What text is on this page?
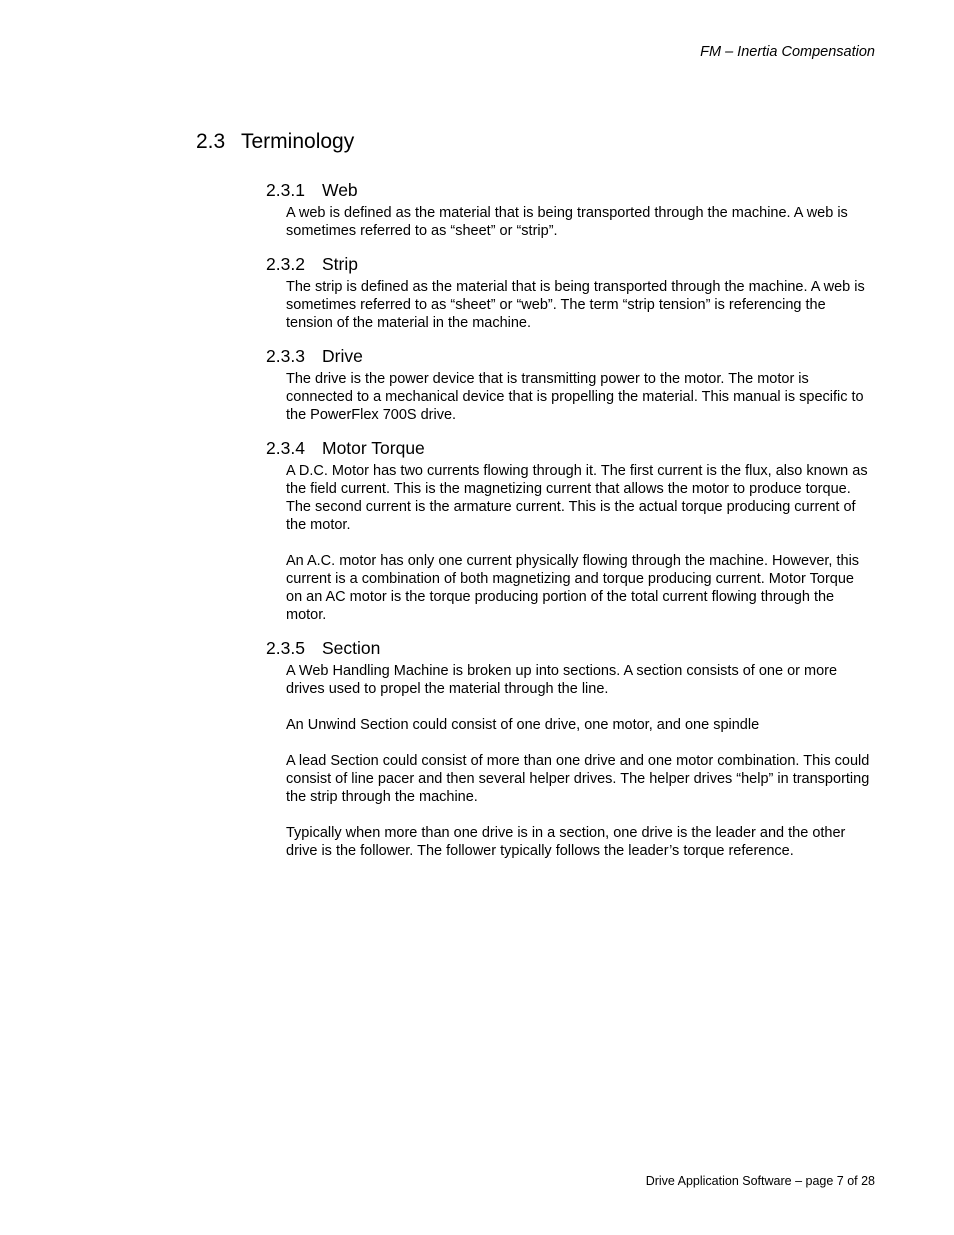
FM – Inertia Compensation

2.3 Terminology
2.3.1 Web

A web is defined as the material that is being transported through the machine. A web is sometimes referred to as “sheet” or “strip”.

2.3.2 Strip

The strip is defined as the material that is being transported through the machine. A web is sometimes referred to as “sheet” or “web”. The term “strip tension” is referencing the tension of the material in the machine.

2.3.3 Drive

The drive is the power device that is transmitting power to the motor. The motor is connected to a mechanical device that is propelling the material. This manual is specific to the PowerFlex 700S drive.

2.3.4 Motor Torque

A D.C. Motor has two currents flowing through it. The first current is the flux, also known as the field current. This is the magnetizing current that allows the motor to produce torque. The second current is the armature current. This is the actual torque producing current of the motor.

An A.C. motor has only one current physically flowing through the machine. However, this current is a combination of both magnetizing and torque producing current. Motor Torque on an AC motor is the torque producing portion of the total current flowing through the motor.

2.3.5 Section

A Web Handling Machine is broken up into sections. A section consists of one or more drives used to propel the material through the line.

An Unwind Section could consist of one drive, one motor, and one spindle

A lead Section could consist of more than one drive and one motor combination. This could consist of line pacer and then several helper drives. The helper drives “help” in transporting the strip through the machine.

Typically when more than one drive is in a section, one drive is the leader and the other drive is the follower. The follower typically follows the leader’s torque reference.

Drive Application Software – page 7 of 28
